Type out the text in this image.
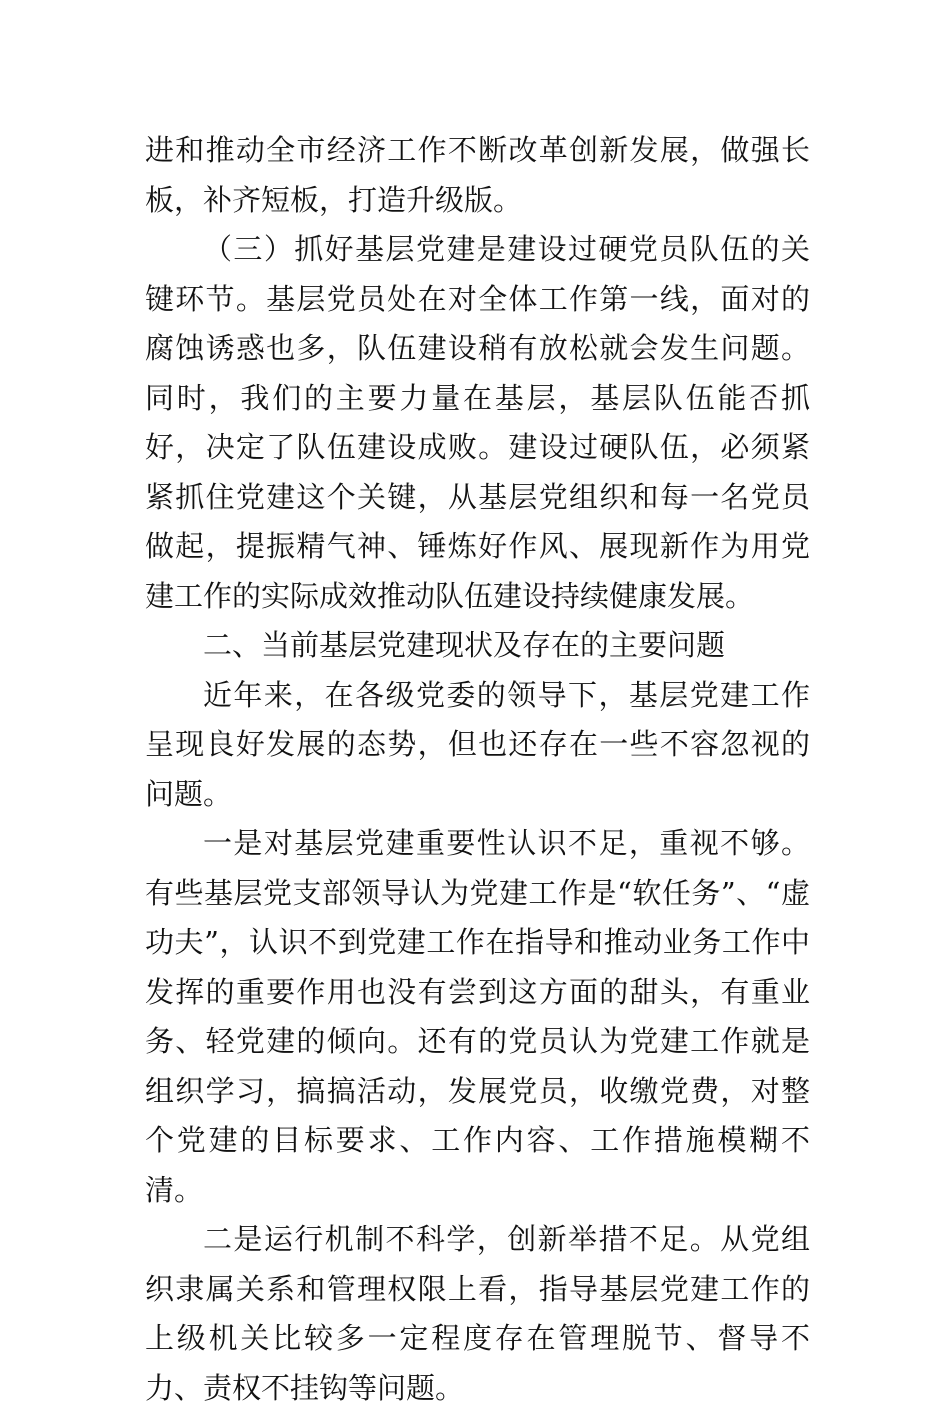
进和推动全市经济工作不断改革创新发展，做强长板，补齐短板，打造升级版。

（三）抓好基层党建是建设过硬党员队伍的关键环节。基层党员处在对全体工作第一线，面对的腐蚀诱惑也多，队伍建设稍有放松就会发生问题。同时，我们的主要力量在基层，基层队伍能否抓好，决定了队伍建设成败。建设过硬队伍，必须紧紧抓住党建这个关键，从基层党组织和每一名党员做起，提振精气神、锤炼好作风、展现新作为用党建工作的实际成效推动队伍建设持续健康发展。

二、当前基层党建现状及存在的主要问题

近年来，在各级党委的领导下，基层党建工作呈现良好发展的态势，但也还存在一些不容忽视的问题。

一是对基层党建重要性认识不足，重视不够。有些基层党支部领导认为党建工作是“软任务”、“虚功夫”，认识不到党建工作在指导和推动业务工作中发挥的重要作用也没有尝到这方面的甜头，有重业务、轻党建的倾向。还有的党员认为党建工作就是组织学习，搞搞活动，发展党员，收缴党费，对整个党建的目标要求、工作内容、工作措施模糊不清。

二是运行机制不科学，创新举措不足。从党组织隶属关系和管理权限上看，指导基层党建工作的上级机关比较多一定程度存在管理脱节、督导不力、责权不挂钩等问题。
